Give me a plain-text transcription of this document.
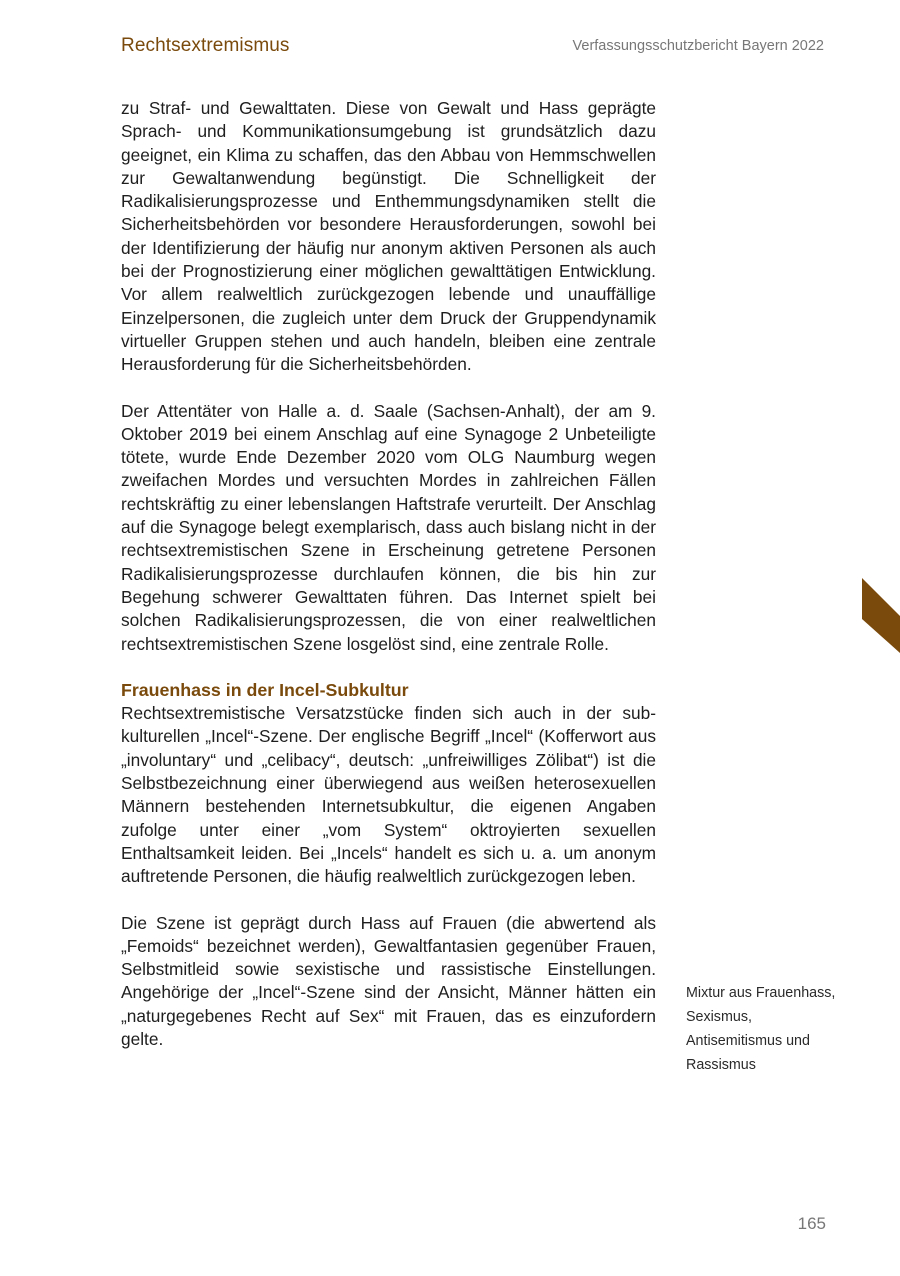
Rechtsextremismus	Verfassungsschutzbericht Bayern 2022

zu Straf- und Gewalttaten. Diese von Gewalt und Hass geprägte Sprach- und Kommunikationsumgebung ist grundsätzlich dazu geeignet, ein Klima zu schaffen, das den Abbau von Hemmschwellen zur Gewaltanwendung begünstigt. Die Schnelligkeit der Radikalisierungsprozesse und Enthemmungsdynamiken stellt die Sicherheitsbehörden vor besondere Herausforderungen, sowohl bei der Identifizierung der häufig nur anonym aktiven Personen als auch bei der Prognostizierung einer möglichen gewalttätigen Entwicklung. Vor allem realweltlich zurückgezogen lebende und unauffällige Einzelpersonen, die zugleich unter dem Druck der Gruppendynamik virtueller Gruppen stehen und auch handeln, bleiben eine zentrale Herausforderung für die Sicherheitsbehörden.

Der Attentäter von Halle a. d. Saale (Sachsen-Anhalt), der am 9. Oktober 2019 bei einem Anschlag auf eine Synagoge 2 Unbeteiligte tötete, wurde Ende Dezember 2020 vom OLG Naumburg wegen zweifachen Mordes und versuchten Mordes in zahlreichen Fällen rechtskräftig zu einer lebenslangen Haftstrafe verurteilt. Der Anschlag auf die Synagoge belegt exemplarisch, dass auch bislang nicht in der rechtsextremistischen Szene in Erscheinung getretene Personen Radikalisierungsprozesse durchlaufen können, die bis hin zur Begehung schwerer Gewalttaten führen. Das Internet spielt bei solchen Radikalisierungsprozessen, die von einer realweltlichen rechtsextremistischen Szene losgelöst sind, eine zentrale Rolle.

Frauenhass in der Incel-Subkultur

Rechtsextremistische Versatzstücke finden sich auch in der subkulturellen „Incel“-Szene. Der englische Begriff „Incel“ (Kofferwort aus „involuntary“ und „celibacy“, deutsch: „unfreiwilliges Zölibat“) ist die Selbstbezeichnung einer überwiegend aus weißen heterosexuellen Männern bestehenden Internetsubkultur, die eigenen Angaben zufolge unter einer „vom System“ oktroyierten sexuellen Enthaltsamkeit leiden. Bei „Incels“ handelt es sich u. a. um anonym auftretende Personen, die häufig realweltlich zurückgezogen leben.

Die Szene ist geprägt durch Hass auf Frauen (die abwertend als „Femoids“ bezeichnet werden), Gewaltfantasien gegenüber Frauen, Selbstmitleid sowie sexistische und rassistische Einstellungen. Angehörige der „Incel“-Szene sind der Ansicht, Männer hätten ein „naturgegebenes Recht auf Sex“ mit Frauen, das es einzufordern gelte.

Mixtur aus Frauenhass, Sexismus, Antisemitismus und Rassismus
165
